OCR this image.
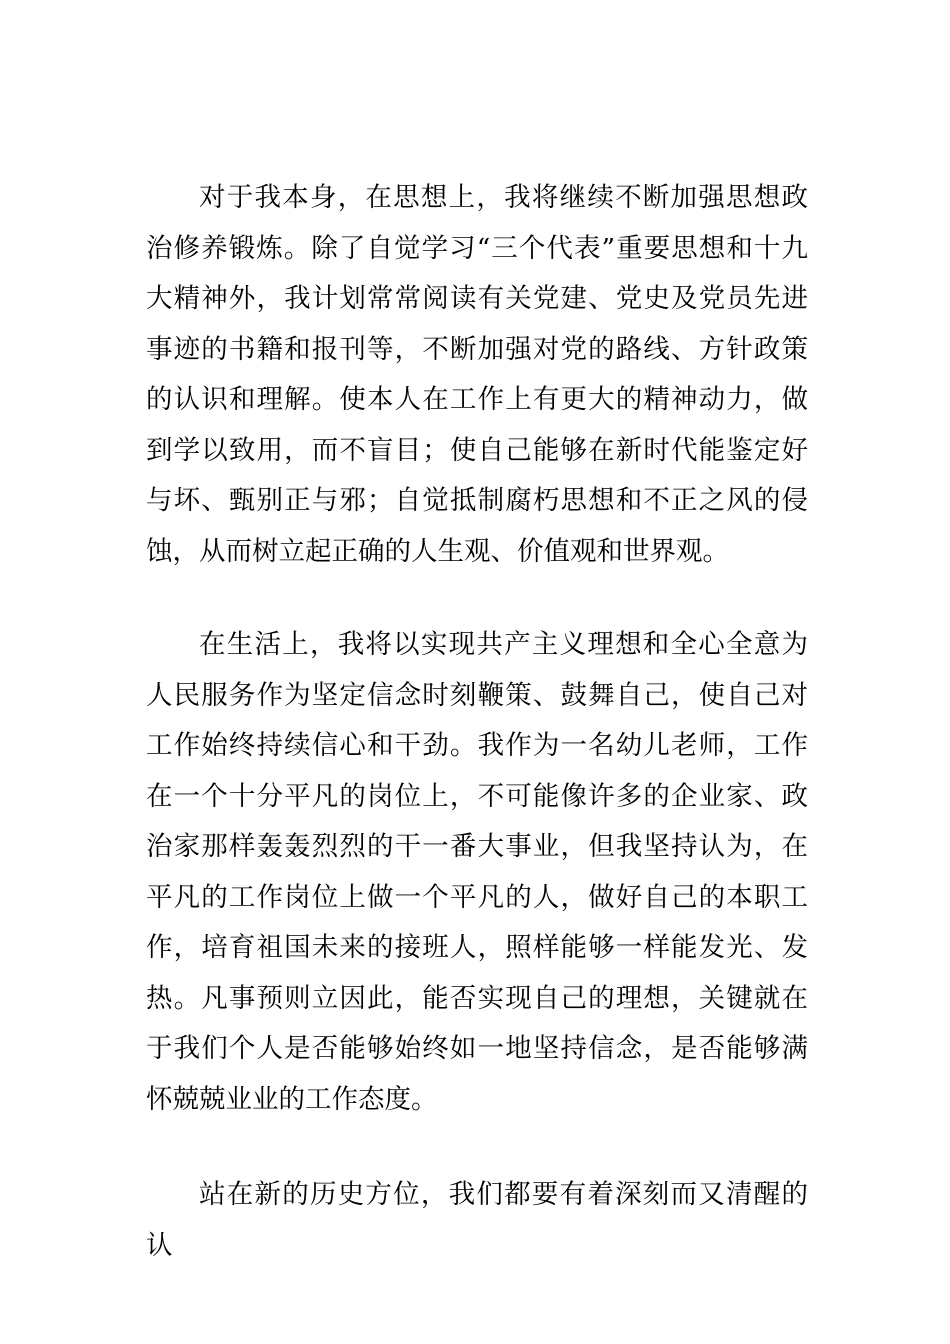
对于我本身，在思想上，我将继续不断加强思想政治修养锻炼。除了自觉学习“三个代表”重要思想和十九大精神外，我计划常常阅读有关党建、党史及党员先进事迹的书籍和报刊等，不断加强对党的路线、方针政策的认识和理解。使本人在工作上有更大的精神动力，做到学以致用，而不盲目；使自己能够在新时代能鉴定好与坏、甄别正与邪；自觉抵制腐朽思想和不正之风的侵蚀，从而树立起正确的人生观、价值观和世界观。

在生活上，我将以实现共产主义理想和全心全意为人民服务作为坚定信念时刻鞭策、鼓舞自己，使自己对工作始终持续信心和干劲。我作为一名幼儿老师，工作在一个十分平凡的岗位上，不可能像许多的企业家、政治家那样轰轰烈烈的干一番大事业，但我坚持认为，在平凡的工作岗位上做一个平凡的人，做好自己的本职工作，培育祖国未来的接班人，照样能够一样能发光、发热。凡事预则立因此，能否实现自己的理想，关键就在于我们个人是否能够始终如一地坚持信念，是否能够满怀兢兢业业的工作态度。

站在新的历史方位，我们都要有着深刻而又清醒的认
